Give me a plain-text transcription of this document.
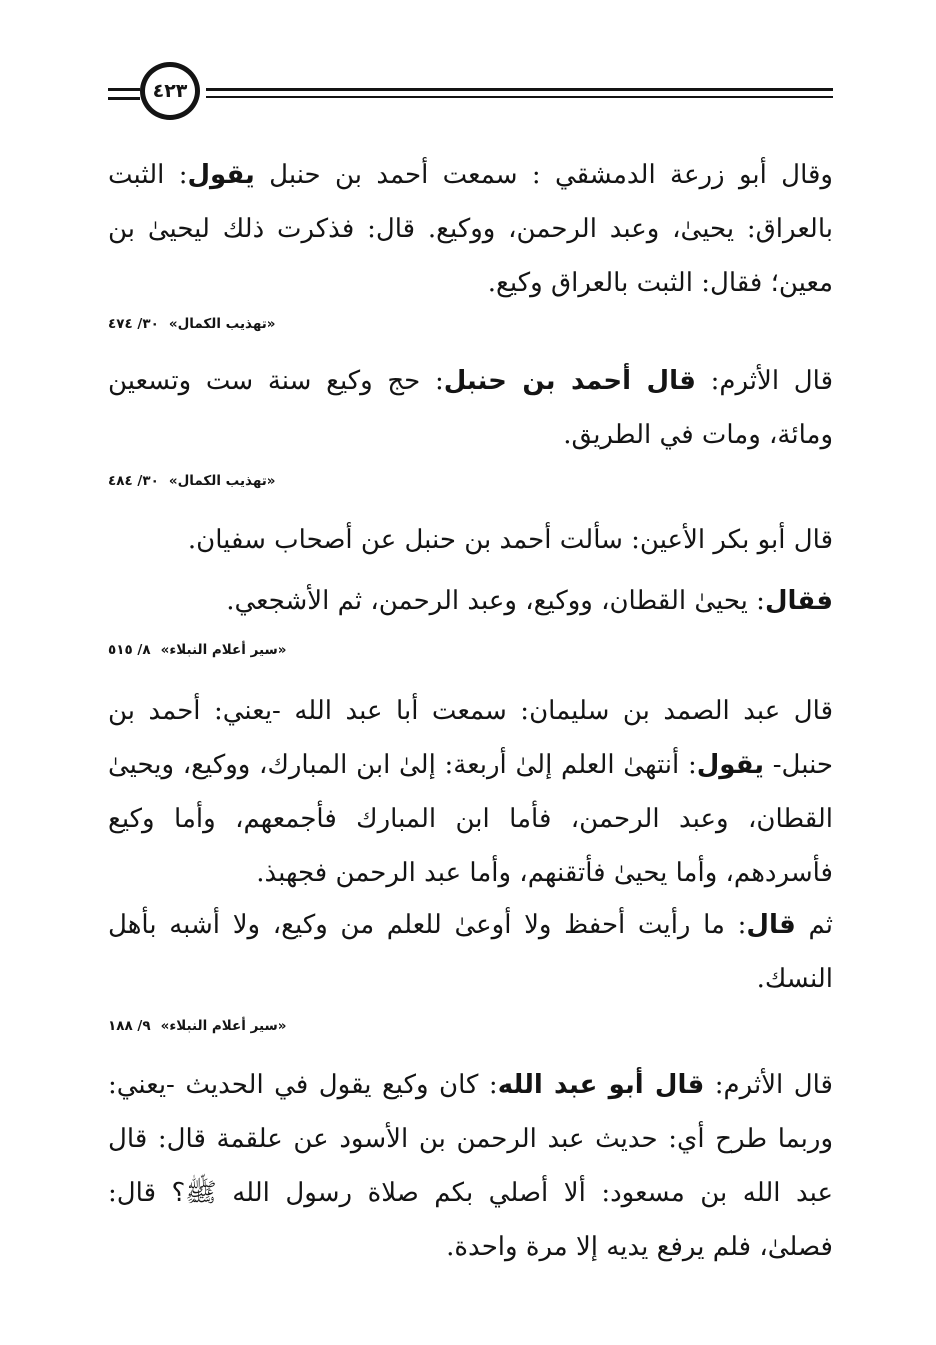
٤٢٣

وقال أبو زرعة الدمشقي : سمعت أحمد بن حنبل يقول: الثبت بالعراق: يحيىٰ، وعبد الرحمن، ووكيع. قال: فذكرت ذلك ليحيىٰ بن معين؛ فقال: الثبت بالعراق وكيع.

«تهذيب الكمال»٣٠/ ٤٧٤

قال الأثرم: قال أحمد بن حنبل: حج وكيع سنة ست وتسعين ومائة، ومات في الطريق.

«تهذيب الكمال»٣٠/ ٤٨٤

قال أبو بكر الأعين: سألت أحمد بن حنبل عن أصحاب سفيان.

فقال: يحيىٰ القطان، ووكيع، وعبد الرحمن، ثم الأشجعي.

«سير أعلام النبلاء»٨/ ٥١٥

قال عبد الصمد بن سليمان: سمعت أبا عبد الله -يعني: أحمد بن حنبل- يقول: أنتهىٰ العلم إلىٰ أربعة: إلىٰ ابن المبارك، ووكيع، ويحيىٰ القطان، وعبد الرحمن، فأما ابن المبارك فأجمعهم، وأما وكيع فأسردهم، وأما يحيىٰ فأتقنهم، وأما عبد الرحمن فجهبذ.

ثم قال: ما رأيت أحفظ ولا أوعىٰ للعلم من وكيع، ولا أشبه بأهل النسك.

«سير أعلام النبلاء»٩/ ١٨٨

قال الأثرم: قال أبو عبد الله: كان وكيع يقول في الحديث -يعني: وربما طرح أي: حديث عبد الرحمن بن الأسود عن علقمة قال: قال عبد الله بن مسعود: ألا أصلي بكم صلاة رسول الله ﷺ؟ قال: فصلىٰ، فلم يرفع يديه إلا مرة واحدة.
